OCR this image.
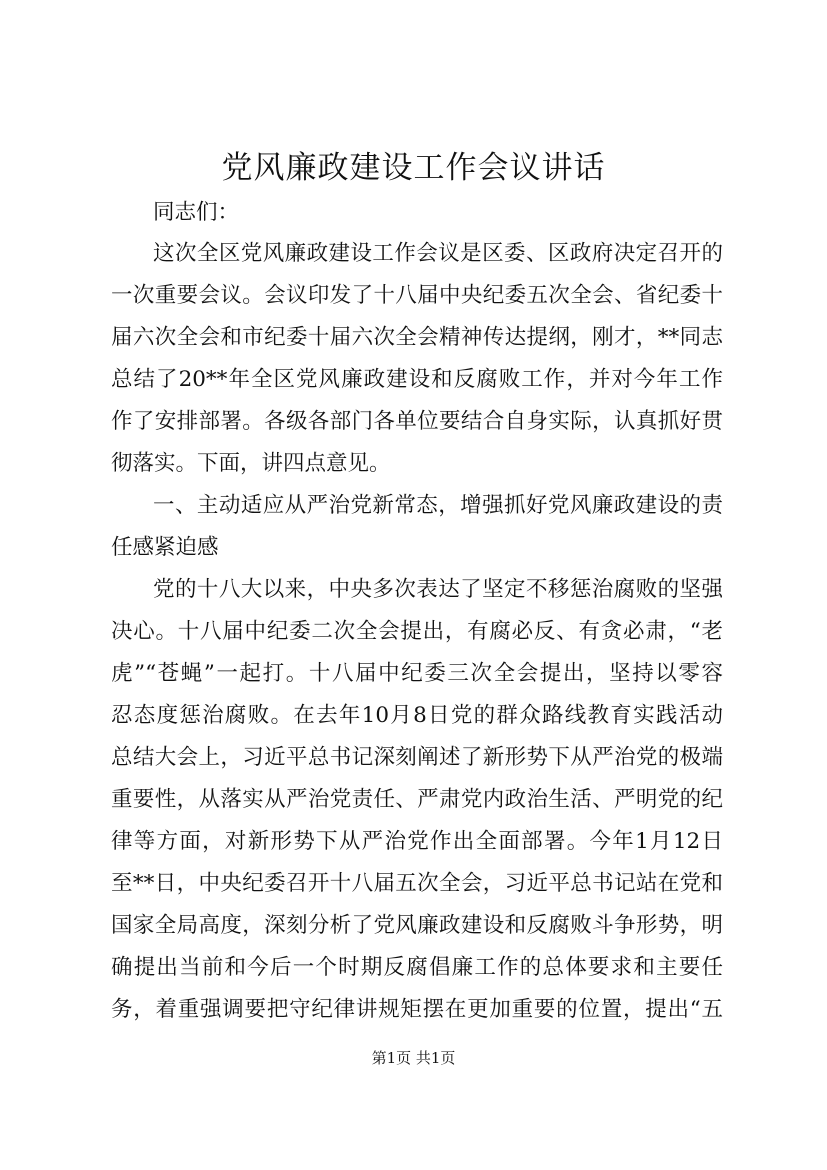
党风廉政建设工作会议讲话

同志们：

这次全区党风廉政建设工作会议是区委、区政府决定召开的

一次重要会议。会议印发了十八届中央纪委五次全会、省纪委十

届六次全会和市纪委十届六次全会精神传达提纲，刚才，**同志

总结了20**年全区党风廉政建设和反腐败工作，并对今年工作

作了安排部署。各级各部门各单位要结合自身实际，认真抓好贯

彻落实。下面，讲四点意见。

一、主动适应从严治党新常态，增强抓好党风廉政建设的责

任感紧迫感

党的十八大以来，中央多次表达了坚定不移惩治腐败的坚强

决心。十八届中纪委二次全会提出，有腐必反、有贪必肃，“老

虎”“苍蝇”一起打。十八届中纪委三次全会提出，坚持以零容

忍态度惩治腐败。在去年10月8日党的群众路线教育实践活动

总结大会上，习近平总书记深刻阐述了新形势下从严治党的极端

重要性，从落实从严治党责任、严肃党内政治生活、严明党的纪

律等方面，对新形势下从严治党作出全面部署。今年1月12日

至**日，中央纪委召开十八届五次全会，习近平总书记站在党和

国家全局高度，深刻分析了党风廉政建设和反腐败斗争形势，明

确提出当前和今后一个时期反腐倡廉工作的总体要求和主要任

务，着重强调要把守纪律讲规矩摆在更加重要的位置，提出“五

第1页 共1页
